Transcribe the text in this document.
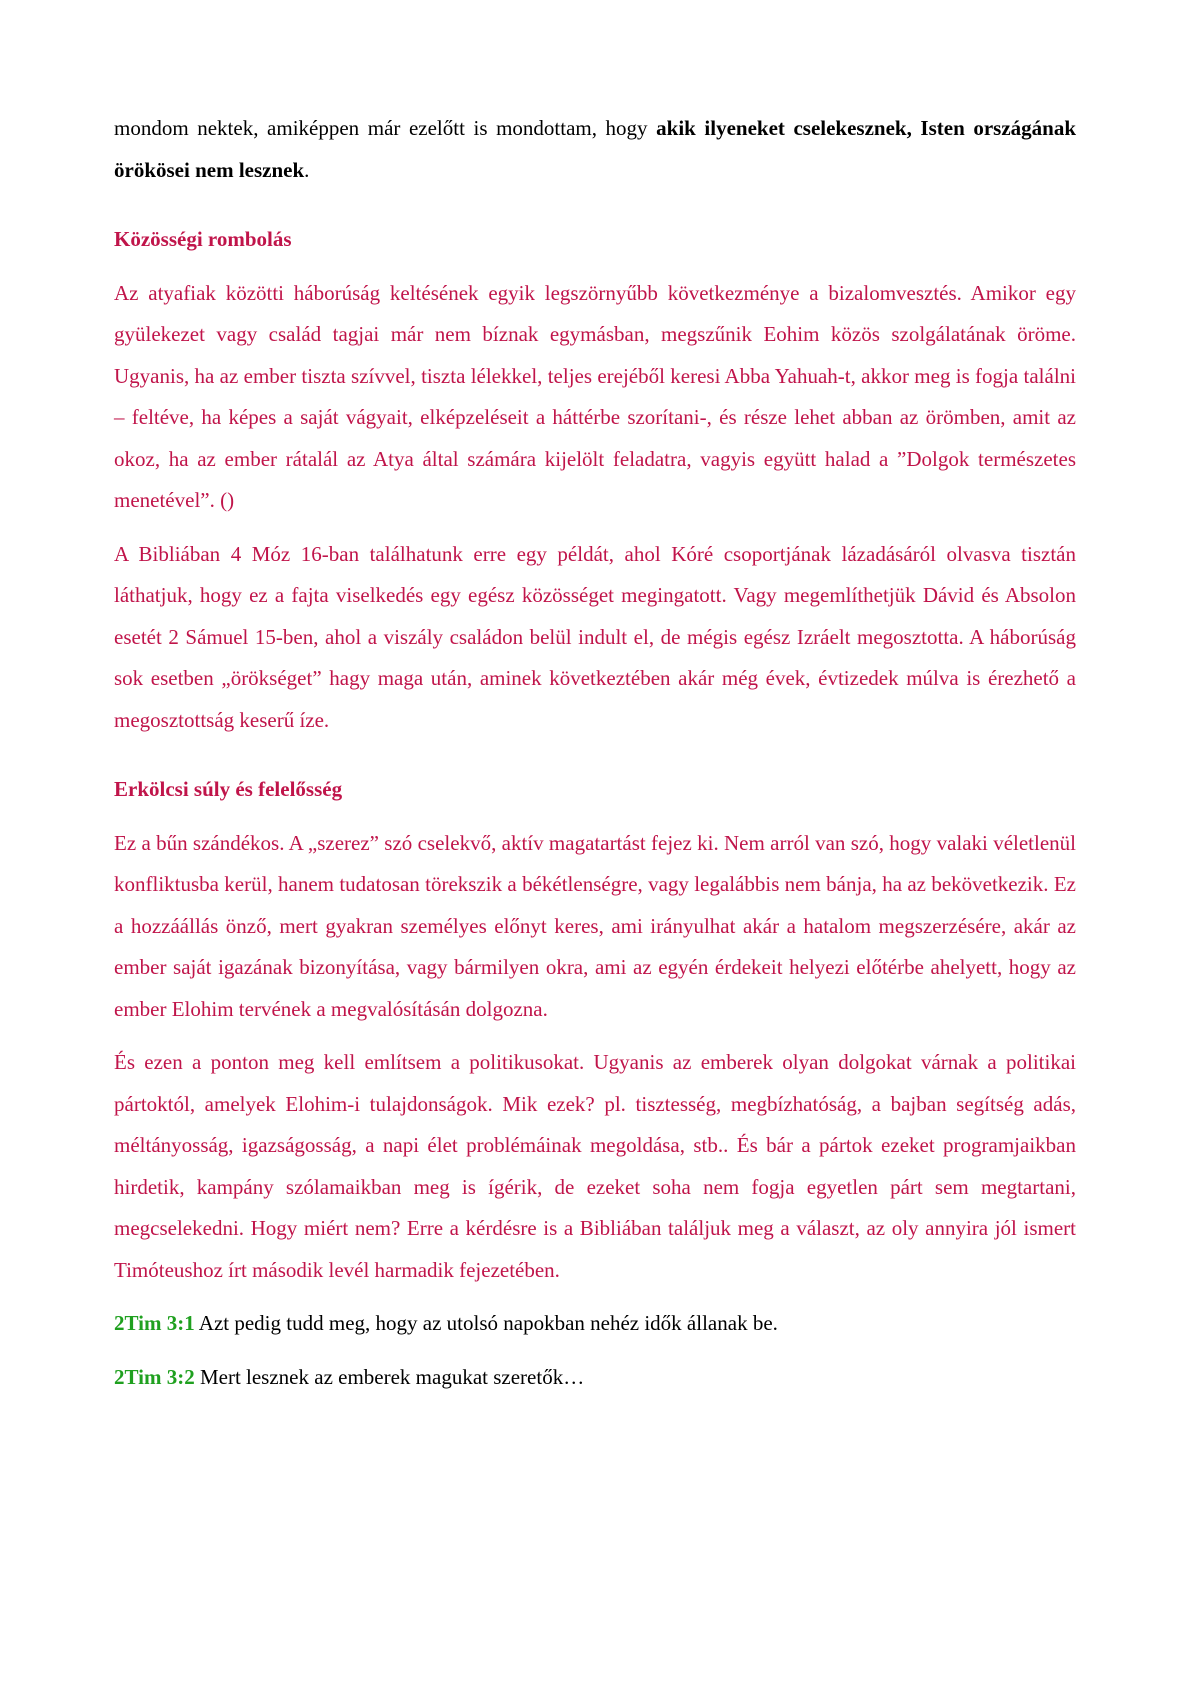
mondom nektek, amiképpen már ezelőtt is mondottam, hogy akik ilyeneket cselekesznek, Isten országának örökösei nem lesznek.

Közösségi rombolás

Az atyafiak közötti háborúság keltésének egyik legszörnyűbb következménye a bizalomvesztés. Amikor egy gyülekezet vagy család tagjai már nem bíznak egymásban, megszűnik Eohim közös szolgálatának öröme. Ugyanis, ha az ember tiszta szívvel, tiszta lélekkel, teljes erejéből keresi Abba Yahuah-t, akkor meg is fogja találni – feltéve, ha képes a saját vágyait, elképzeléseit a háttérbe szorítani-, és része lehet abban az örömben, amit az okoz, ha az ember rátalál az Atya által számára kijelölt feladatra, vagyis együtt halad a ”Dolgok természetes menetével”. ()

A Bibliában 4 Móz 16-ban találhatunk erre egy példát, ahol Kóré csoportjának lázadásáról olvasva tisztán láthatjuk, hogy ez a fajta viselkedés egy egész közösséget megingatott. Vagy megemlíthetjük Dávid és Absolon esetét 2 Sámuel 15-ben, ahol a viszály családon belül indult el, de mégis egész Izráelt megosztotta. A háborúság sok esetben „örökséget” hagy maga után, aminek következtében akár még évek, évtizedek múlva is érezhető a megosztottság keserű íze.

Erkölcsi súly és felelősség

Ez a bűn szándékos. A „szerez” szó cselekvő, aktív magatartást fejez ki. Nem arról van szó, hogy valaki véletlenül konfliktusba kerül, hanem tudatosan törekszik a békétlenségre, vagy legalábbis nem bánja, ha az bekövetkezik. Ez a hozzáállás önző, mert gyakran személyes előnyt keres, ami irányulhat akár a hatalom megszerzésére, akár az ember saját igazának bizonyítása, vagy bármilyen okra, ami az egyén érdekeit helyezi előtérbe ahelyett, hogy az ember Elohim tervének a megvalósításán dolgozna.

És ezen a ponton meg kell említsem a politikusokat. Ugyanis az emberek olyan dolgokat várnak a politikai pártoktól, amelyek Elohim-i tulajdonságok. Mik ezek? pl. tisztesség, megbízhatóság, a bajban segítség adás, méltányosság, igazságosság, a napi élet problémáinak megoldása, stb.. És bár a pártok ezeket programjaikban hirdetik, kampány szólamaikban meg is ígérik, de ezeket soha nem fogja egyetlen párt sem megtartani, megcselekedni. Hogy miért nem? Erre a kérdésre is a Bibliában találjuk meg a választ, az oly annyira jól ismert Timóteushoz írt második levél harmadik fejezetében.

2Tim 3:1 Azt pedig tudd meg, hogy az utolsó napokban nehéz idők állanak be.

2Tim 3:2 Mert lesznek az emberek magukat szeretők…
